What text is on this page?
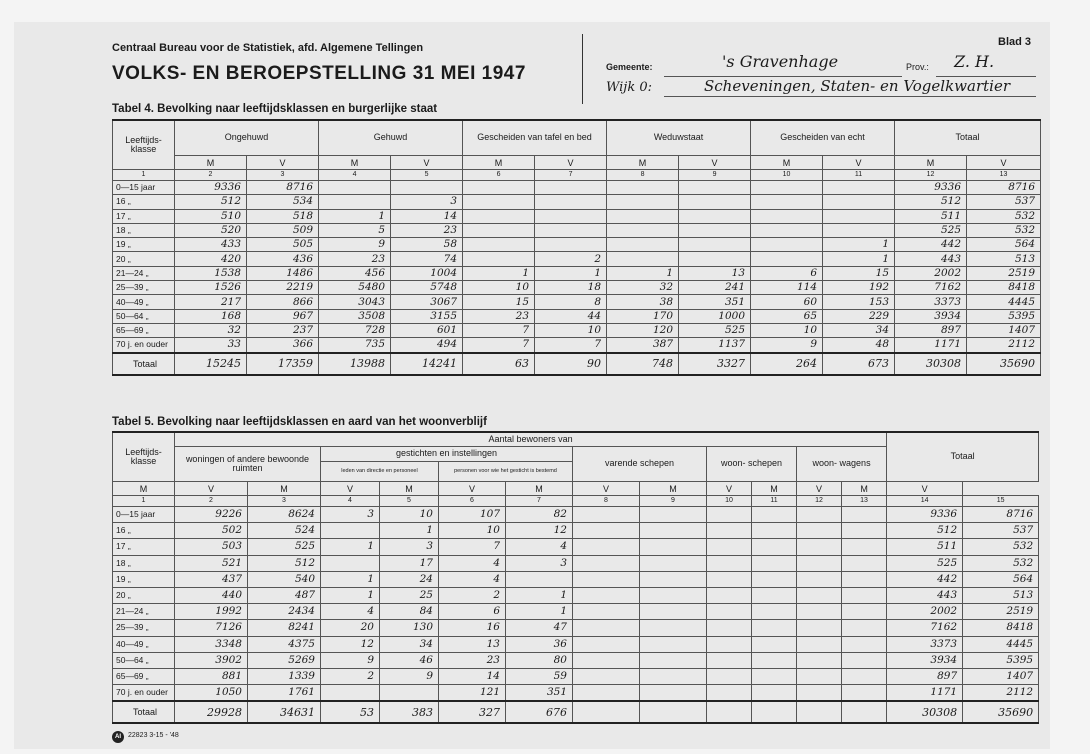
Centraal Bureau voor de Statistiek, afd. Algemene Tellingen
VOLKS- EN BEROEPSTELLING 31 MEI 1947
Blad 3
Gemeente:	's Gravenhage	Prov.: Z. H.
Wijk 0:	Scheveningen, Staten- en Vogelkwartier
Tabel 4. Bevolking naar leeftijdsklassen en burgerlijke staat
Leeftijds- klasse	Ongehuwd		Gehuwd		Gescheiden van tafel en bed		Weduwstaat		Gescheiden van echt		Totaal	
	M	V	M	V	M	V	M	V	M	V	M	V
1	2	3	4	5	6	7	8	9	10	11	12	13
0—15 jaar	9336	8716									9336	8716
16 „	512	534		3							512	537
17 „	510	518	1	14							511	532
18 „	520	509	5	23							525	532
19 „	433	505	9	58						1	442	564
20 „	420	436	23	74		2				1	443	513
21—24 „	1538	1486	456	1004	1	1	1	13	6	15	2002	2519
25—39 „	1526	2219	5480	5748	10	18	32	241	114	192	7162	8418
40—49 „	217	866	3043	3067	15	8	38	351	60	153	3373	4445
50—64 „	168	967	3508	3155	23	44	170	1000	65	229	3934	5395
65—69 „	32	237	728	601	7	10	120	525	10	34	897	1407
70 j. en ouder	33	366	735	494	7	7	387	1137	9	48	1171	2112
Totaal	15245	17359	13988	14241	63	90	748	3327	264	673	30308	35690
Tabel 5. Bevolking naar leeftijdsklassen en aard van het woonverblijf
Leeftijds- klasse	Aantal bewoners van												Totaal	
	woningen of andere bewoonde ruimten		gestichten en instellingen				varende schepen		woon- schepen		woon- wagens			
			leden van directie en personeel		personen voor wie het gesticht is bestemd									
M	V	M	V	M	V	M	V	M	V	M	V	M	V	
1	2	3	4	5	6	7	8	9	10	11	12	13	14	15
0—15 jaar	9226	8624	3	10	107	82							9336	8716
16 „	502	524		1	10	12							512	537
17 „	503	525	1	3	7	4							511	532
18 „	521	512		17	4	3							525	532
19 „	437	540	1	24	4								442	564
20 „	440	487	1	25	2	1							443	513
21—24 „	1992	2434	4	84	6	1							2002	2519
25—39 „	7126	8241	20	130	16	47							7162	8418
40—49 „	3348	4375	12	34	13	36							3373	4445
50—64 „	3902	5269	9	46	23	80							3934	5395
65—69 „	881	1339	2	9	14	59							897	1407
70 j. en ouder	1050	1761			121	351							1171	2112
Totaal	29928	34631	53	383	327	676							30308	35690
AI	22823 3-15 - '48
